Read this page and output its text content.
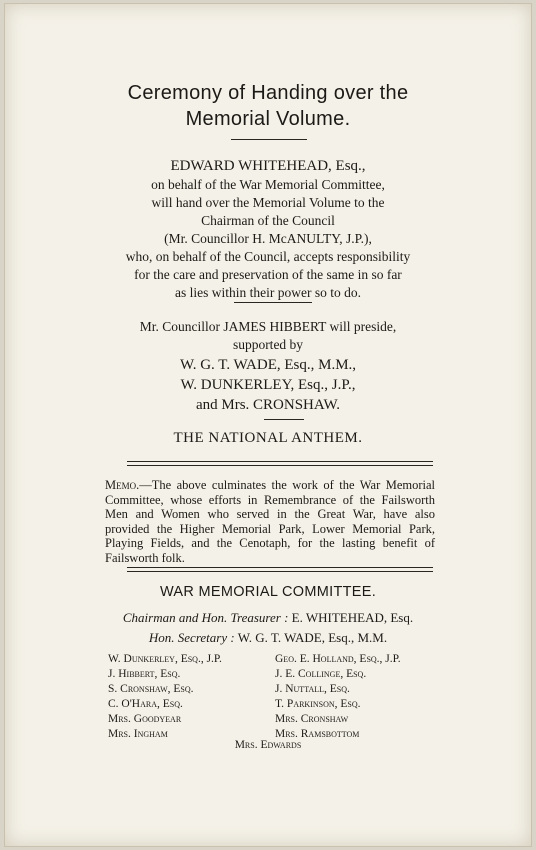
Ceremony of Handing over the
Memorial Volume.
EDWARD WHITEHEAD, Esq.,
on behalf of the War Memorial Committee,
will hand over the Memorial Volume to the
Chairman of the Council
(Mr. Councillor H. McANULTY, J.P.),
who, on behalf of the Council, accepts responsibility
for the care and preservation of the same in so far
as lies within their power so to do.
Mr. Councillor JAMES HIBBERT will preside,
supported by
W. G. T. WADE, Esq., M.M.,
W. DUNKERLEY, Esq., J.P.,
and Mrs. CRONSHAW.
THE NATIONAL ANTHEM.
Memo.—The above culminates the work of the War Memorial Committee, whose efforts in Remembrance of the Failsworth Men and Women who served in the Great War, have also provided the Higher Memorial Park, Lower Memorial Park, Playing Fields, and the Cenotaph, for the lasting benefit of Failsworth folk.
WAR MEMORIAL COMMITTEE.
Chairman and Hon. Treasurer : E. WHITEHEAD, Esq.
Hon. Secretary : W. G. T. WADE, Esq., M.M.
W. Dunkerley, Esq., J.P.
J. Hibbert, Esq.
S. Cronshaw, Esq.
C. O'Hara, Esq.
Mrs. Goodyear
Mrs. Ingham
Geo. E. Holland, Esq., J.P.
J. E. Collinge, Esq.
J. Nuttall, Esq.
T. Parkinson, Esq.
Mrs. Cronshaw
Mrs. Ramsbottom
Mrs. Edwards
